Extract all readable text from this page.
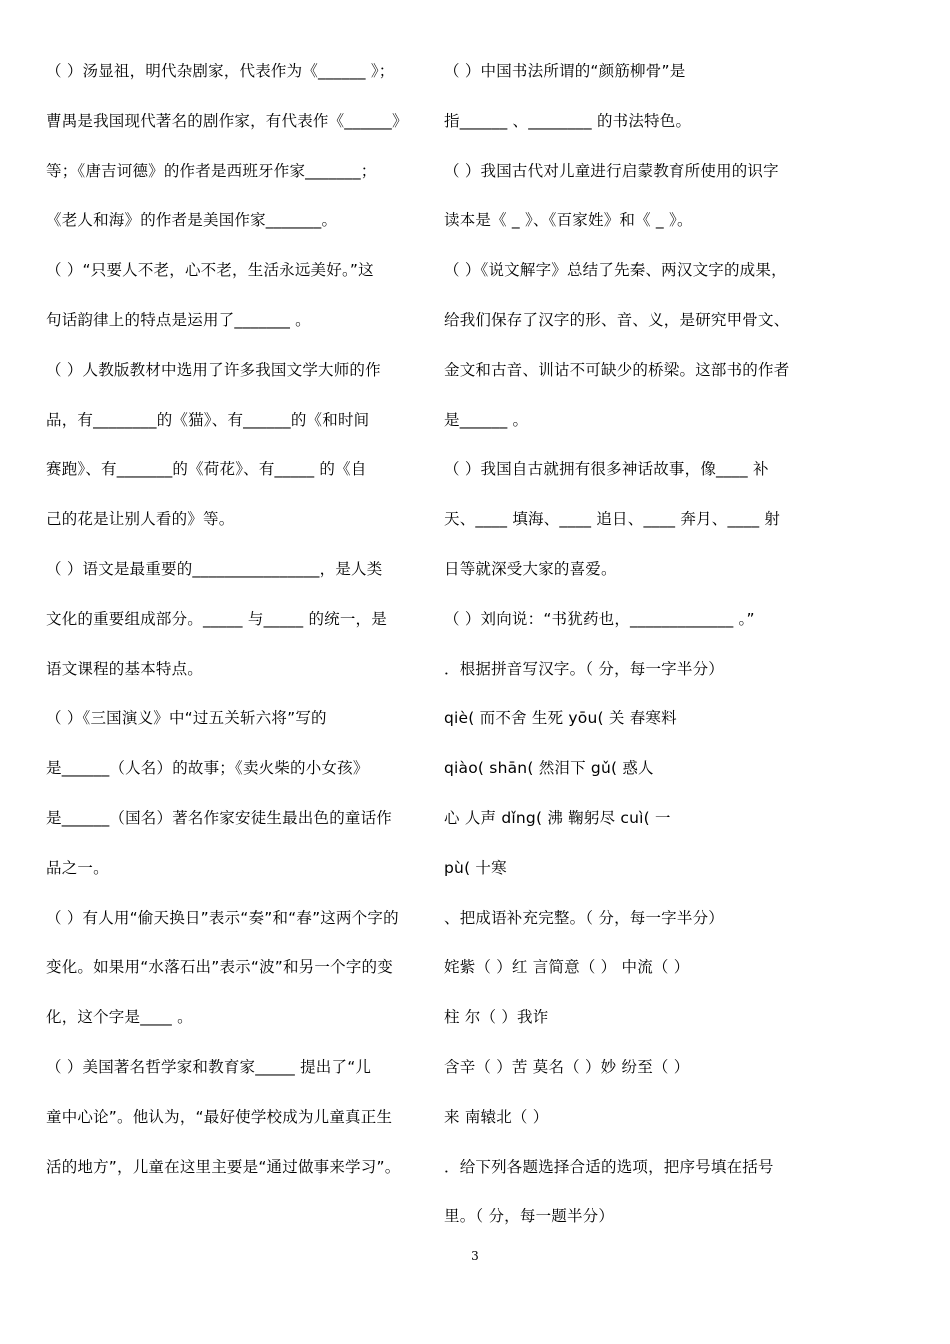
（ ）汤显祖，明代杂剧家，代表作为《______ 》；
曹禺是我国现代著名的剧作家，有代表作《______》
等；《唐吉诃德》的作者是西班牙作家_______；
《老人和海》的作者是美国作家_______。
（ ）“只要人不老，心不老，生活永远美好。”这
句话韵律上的特点是运用了_______ 。
（ ）人教版教材中选用了许多我国文学大师的作
品，有________的《猫》、有______的《和时间
赛跑》、有_______的《荷花》、有_____ 的《自
己的花是让别人看的》等。
（ ）语文是最重要的________________，是人类
文化的重要组成部分。_____ 与_____ 的统一，是
语文课程的基本特点。
（ ）《三国演义》中“过五关斩六将”写的
是______（人名）的故事；《卖火柴的小女孩》
是______（国名）著名作家安徒生最出色的童话作
品之一。
（ ）有人用“偷天换日”表示“奏”和“春”这两个字的
变化。如果用“水落石出”表示“波”和另一个字的变
化，这个字是____ 。
（ ）美国著名哲学家和教育家_____ 提出了“儿
童中心论”。他认为，“最好使学校成为儿童真正生
活的地方”，儿童在这里主要是“通过做事来学习”。
（ ）中国书法所谓的“颜筋柳骨”是
指______ 、________ 的书法特色。
（ ）我国古代对儿童进行启蒙教育所使用的识字
读本是《 _ 》、《百家姓》和《 _ 》。
（ ）《说文解字》总结了先秦、两汉文字的成果，
给我们保存了汉字的形、音、义，是研究甲骨文、
金文和古音、训诂不可缺少的桥梁。这部书的作者
是______ 。
（ ）我国自古就拥有很多神话故事，像____ 补
天、____ 填海、____ 追日、____ 奔月、____ 射
日等就深受大家的喜爱。
（ ）刘向说：“书犹药也，_____________ 。”
．根据拼音写汉字。（ 分，每一字半分）
qiè( 而不舍 生死 yōu( 关 春寒料
qiào( shān( 然泪下 gǔ( 惑人
心 人声 dǐng( 沸 鞠躬尽 cuì( 一
pù( 十寒
、把成语补充完整。（ 分，每一字半分）
姹紫（ ）红 言简意（ ） 中流（ ）
柱 尔（ ）我诈
含辛（ ）苦 莫名（ ）妙 纷至（ ）
来 南辕北（ ）
．给下列各题选择合适的选项，把序号填在括号
里。（ 分，每一题半分）
3
